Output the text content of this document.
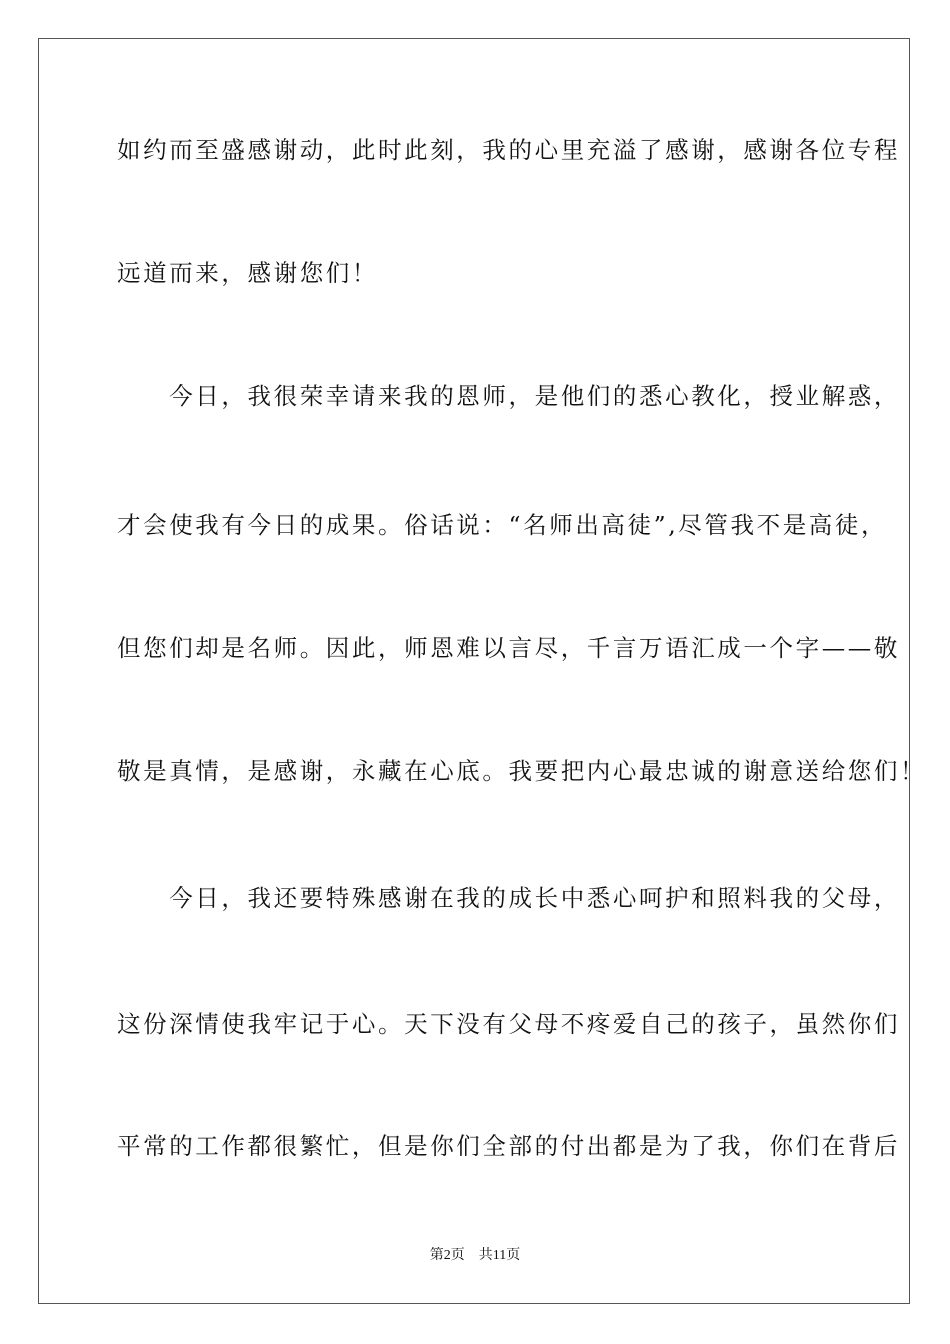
如约而至盛感谢动，此时此刻，我的心里充溢了感谢，感谢各位专程
远道而来，感谢您们！
　　今日，我很荣幸请来我的恩师，是他们的悉心教化，授业解惑，
才会使我有今日的成果。俗话说：“名师出高徒”,尽管我不是高徒，
但您们却是名师。因此，师恩难以言尽，千言万语汇成一个字——敬
敬是真情，是感谢，永藏在心底。我要把内心最忠诚的谢意送给您们！
　　今日，我还要特殊感谢在我的成长中悉心呵护和照料我的父母，
这份深情使我牢记于心。天下没有父母不疼爱自己的孩子，虽然你们
平常的工作都很繁忙，但是你们全部的付出都是为了我，你们在背后
第2页　共11页
